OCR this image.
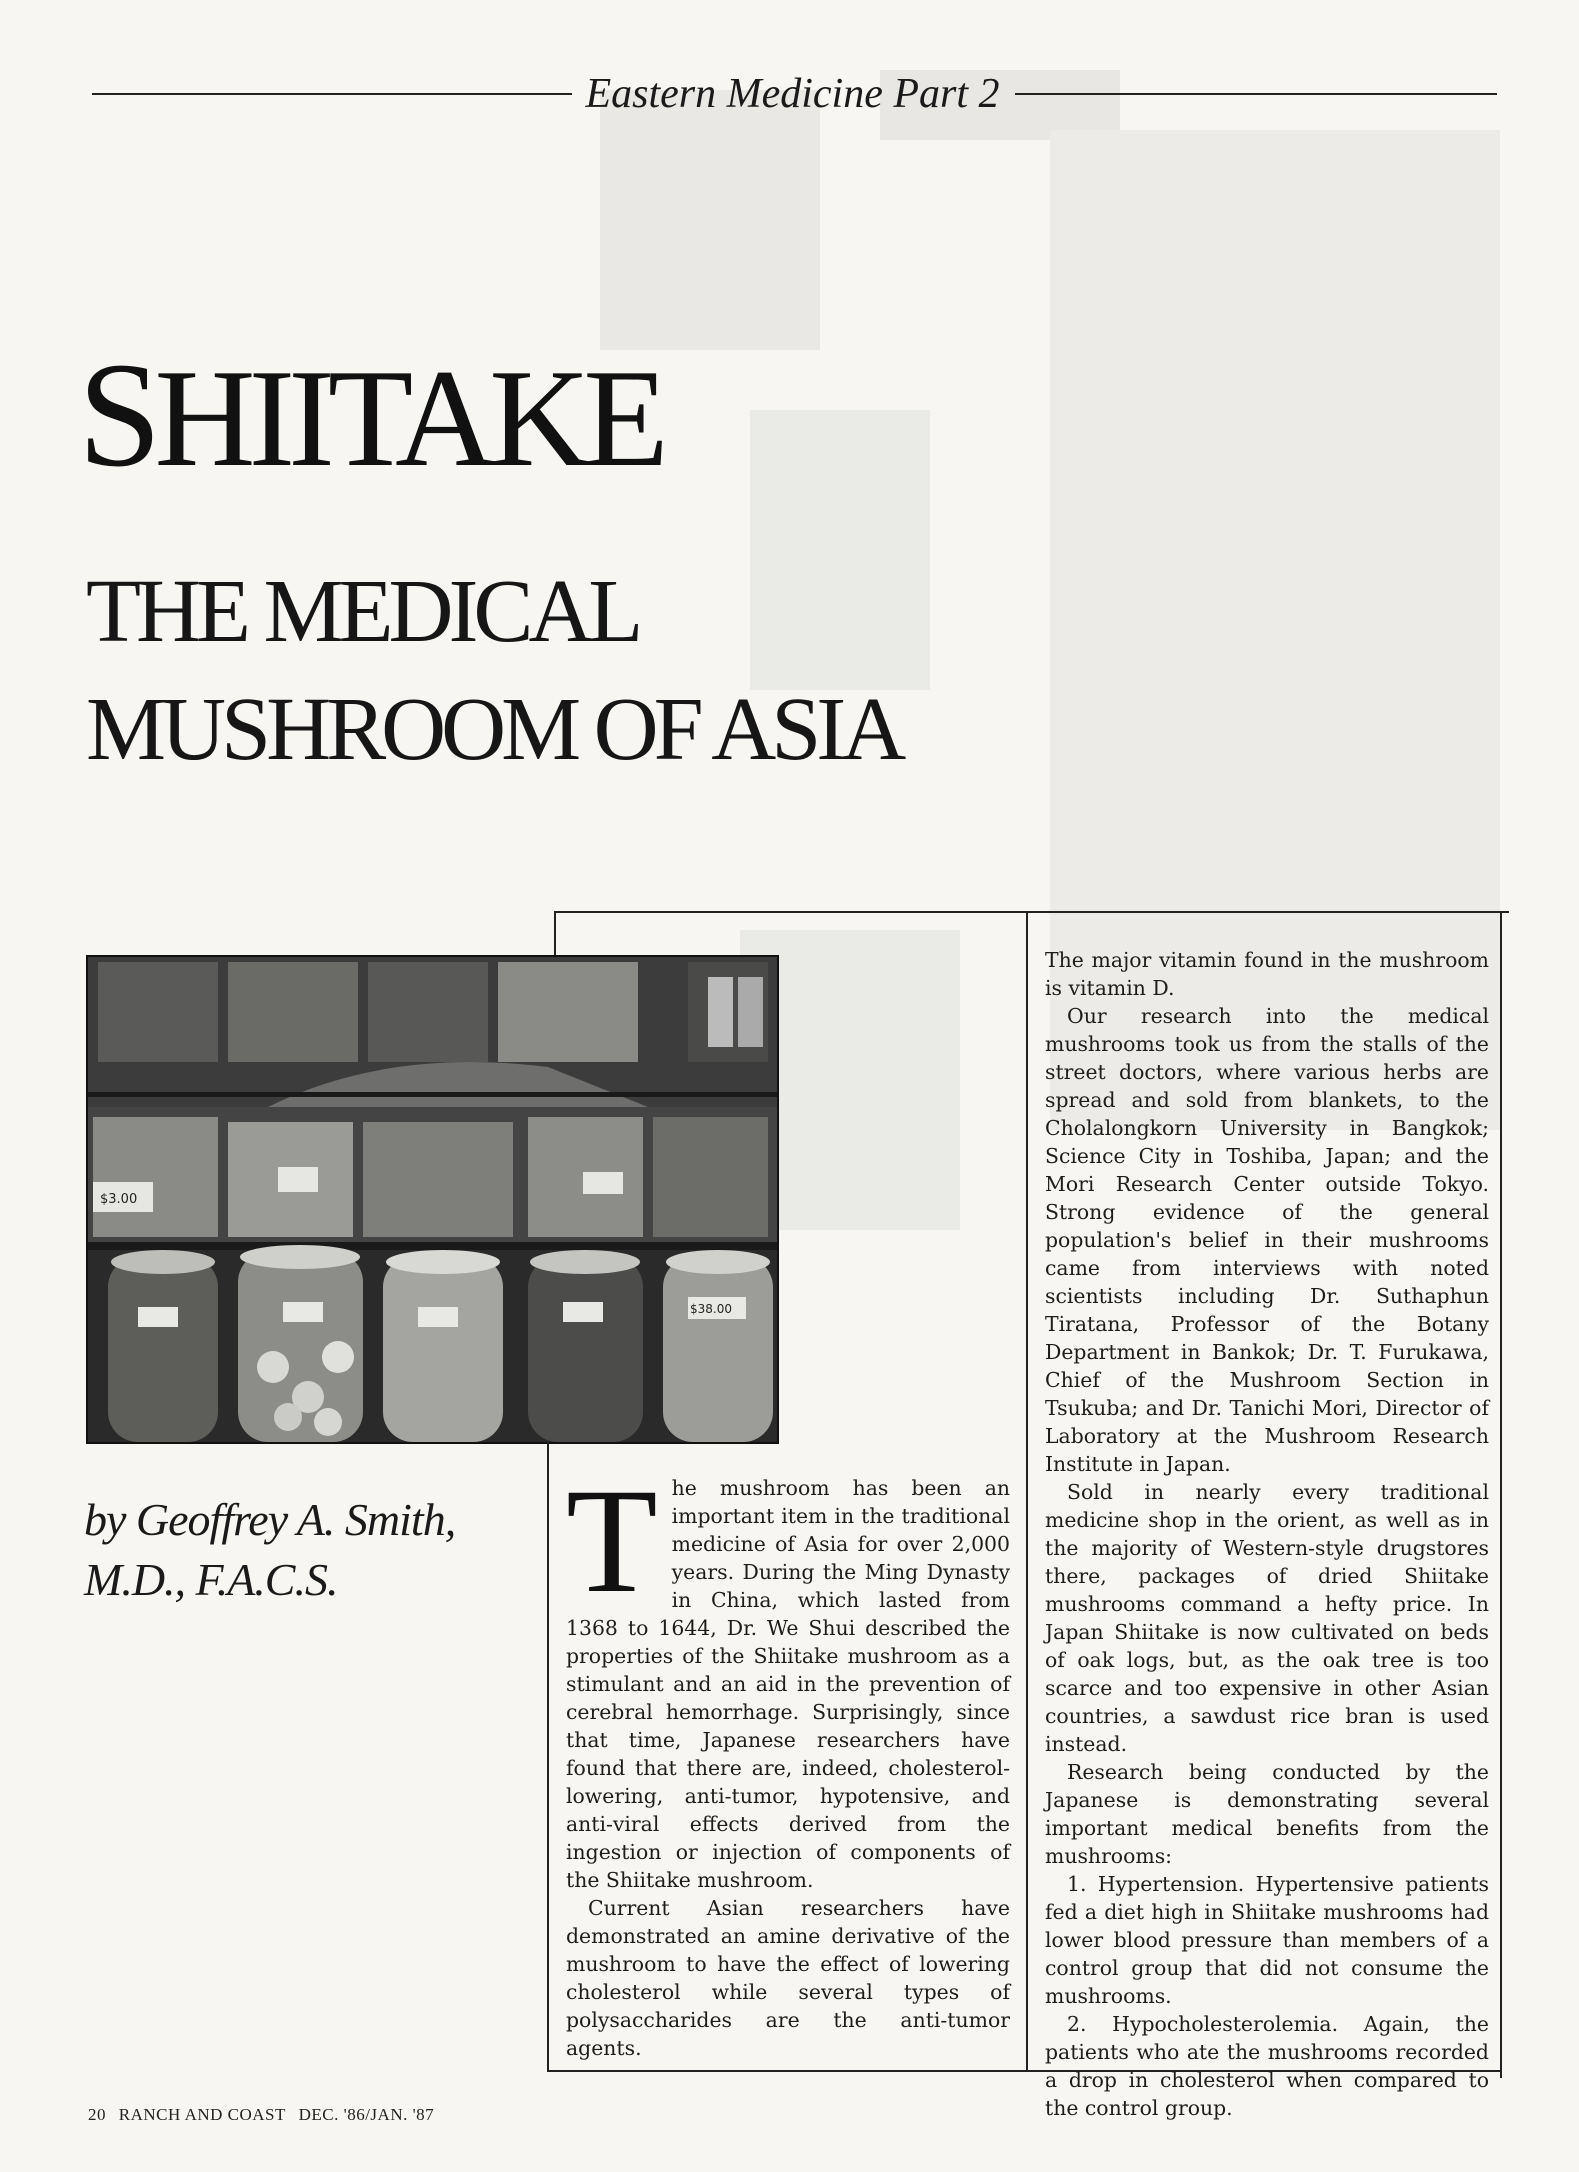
Eastern Medicine Part 2
SHIITAKE
THE MEDICAL
MUSHROOM OF ASIA
$3.00
$38.00
by Geoffrey A. Smith,
M.D., F.A.C.S.	T he mushroom has been an important item in the traditional medicine of Asia for over 2,000 years. During the Ming Dynasty in China, which lasted from 1368 to 1644, Dr. We Shui described the properties of the Shiitake mushroom as a stimulant and an aid in the prevention of cerebral hemorrhage. Surprisingly, since that time, Japanese researchers have found that there are, indeed, cholesterol-lowering, anti-tumor, hypotensive, and anti-viral effects derived from the ingestion or injection of components of the Shiitake mushroom.

Current Asian researchers have demonstrated an amine derivative of the mushroom to have the effect of lowering cholesterol while several types of polysaccharides are the anti-tumor agents.

The major vitamin found in the mushroom is vitamin D.

Our research into the medical mushrooms took us from the stalls of the street doctors, where various herbs are spread and sold from blankets, to the Cholalongkorn University in Bangkok; Science City in Toshiba, Japan; and the Mori Research Center outside Tokyo. Strong evidence of the general population's belief in their mushrooms came from interviews with noted scientists including Dr. Suthaphun Tiratana, Professor of the Botany Department in Bankok; Dr. T. Furukawa, Chief of the Mushroom Section in Tsukuba; and Dr. Tanichi Mori, Director of Laboratory at the Mushroom Research Institute in Japan.

Sold in nearly every traditional medicine shop in the orient, as well as in the majority of Western-style drugstores there, packages of dried Shiitake mushrooms command a hefty price. In Japan Shiitake is now cultivated on beds of oak logs, but, as the oak tree is too scarce and too expensive in other Asian countries, a sawdust rice bran is used instead.

Research being conducted by the Japanese is demonstrating several important medical benefits from the mushrooms:

1. Hypertension. Hypertensive patients fed a diet high in Shiitake mushrooms had lower blood pressure than members of a control group that did not consume the mushrooms.

2. Hypocholesterolemia. Again, the patients who ate the mushrooms recorded a drop in cholesterol when compared to the control group.

20 RANCH AND COAST DEC. '86/JAN. '87
